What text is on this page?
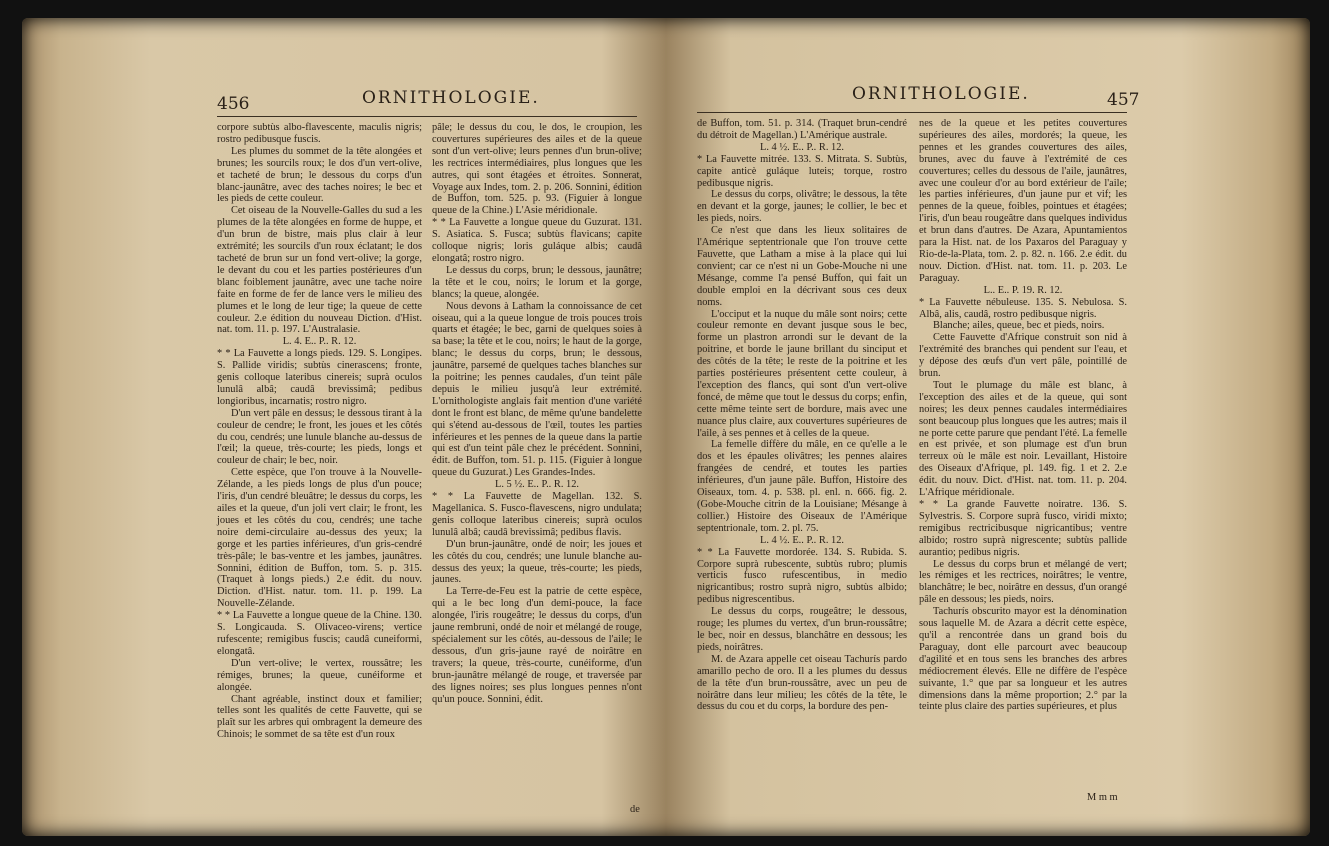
456	ORNITHOLOGIE.

corpore subtùs albo-flavescente, maculis nigris; rostro pedibusque fuscis.

Les plumes du sommet de la tête alongées et brunes; les sourcils roux; le dos d'un vert-olive, et tacheté de brun; le dessous du corps d'un blanc-jaunâtre, avec des taches noires; le bec et les pieds de cette couleur.

Cet oiseau de la Nouvelle-Galles du sud a les plumes de la tête alongées en forme de huppe, et d'un brun de bistre, mais plus clair à leur extrémité; les sourcils d'un roux éclatant; le dos tacheté de brun sur un fond vert-olive; la gorge, le devant du cou et les parties postérieures d'un blanc foiblement jaunâtre, avec une tache noire faite en forme de fer de lance vers le milieu des plumes et le long de leur tige; la queue de cette couleur. 2.e édition du nouveau Diction. d'Hist. nat. tom. 11. p. 197. L'Australasie.

L. 4. E.. P.. R. 12.

* * La Fauvette a longs pieds. 129. S. Longipes. S. Pallide viridis; subtùs cinerascens; fronte, genis colloque lateribus cinereis; suprà oculos lunulâ albâ; caudâ brevissimâ; pedibus longioribus, incarnatis; rostro nigro.

D'un vert pâle en dessus; le dessous tirant à la couleur de cendre; le front, les joues et les côtés du cou, cendrés; une lunule blanche au-dessus de l'œil; la queue, très-courte; les pieds, longs et couleur de chair; le bec, noir.

Cette espèce, que l'on trouve à la Nouvelle-Zélande, a les pieds longs de plus d'un pouce; l'iris, d'un cendré bleuâtre; le dessus du corps, les ailes et la queue, d'un joli vert clair; le front, les joues et les côtés du cou, cendrés; une tache noire demi-circulaire au-dessus des yeux; la gorge et les parties inférieures, d'un gris-cendré très-pâle; le bas-ventre et les jambes, jaunâtres. Sonnini, édition de Buffon, tom. 5. p. 315. (Traquet à longs pieds.) 2.e édit. du nouv. Diction. d'Hist. natur. tom. 11. p. 199. La Nouvelle-Zélande.

* * La Fauvette a longue queue de la Chine. 130. S. Longicauda. S. Olivaceo-virens; vertice rufescente; remigibus fuscis; caudâ cuneiformi, elongatâ.

D'un vert-olive; le vertex, roussâtre; les rémiges, brunes; la queue, cunéiforme et alongée.

Chant agréable, instinct doux et familier; telles sont les qualités de cette Fauvette, qui se plaît sur les arbres qui ombragent la demeure des Chinois; le sommet de sa tête est d'un roux

pâle; le dessus du cou, le dos, le croupion, les couvertures supérieures des ailes et de la queue sont d'un vert-olive; leurs pennes d'un brun-olive; les rectrices intermédiaires, plus longues que les autres, qui sont étagées et étroites. Sonnerat, Voyage aux Indes, tom. 2. p. 206. Sonnini, édition de Buffon, tom. 525. p. 93. (Figuier à longue queue de la Chine.) L'Asie méridionale.

* * La Fauvette a longue queue du Guzurat. 131. S. Asiatica. S. Fusca; subtùs flavicans; capite colloque nigris; loris guláque albis; caudâ elongatâ; rostro nigro.

Le dessus du corps, brun; le dessous, jaunâtre; la tête et le cou, noirs; le lorum et la gorge, blancs; la queue, alongée.

Nous devons à Latham la connoissance de cet oiseau, qui a la queue longue de trois pouces trois quarts et étagée; le bec, garni de quelques soies à sa base; la tête et le cou, noirs; le haut de la gorge, blanc; le dessus du corps, brun; le dessous, jaunâtre, parsemé de quelques taches blanches sur la poitrine; les pennes caudales, d'un teint pâle depuis le milieu jusqu'à leur extrémité. L'ornithologiste anglais fait mention d'une variété dont le front est blanc, de même qu'une bandelette qui s'étend au-dessous de l'œil, toutes les parties inférieures et les pennes de la queue dans la partie qui est d'un teint pâle chez le précédent. Sonnini, édit. de Buffon, tom. 51. p. 115. (Figuier à longue queue du Guzurat.) Les Grandes-Indes.

L. 5 ½. E.. P.. R. 12.

* * La Fauvette de Magellan. 132. S. Magellanica. S. Fusco-flavescens, nigro undulata; genis colloque lateribus cinereis; suprà oculos lunulâ albâ; caudâ brevissimâ; pedibus flavis.

D'un brun-jaunâtre, ondé de noir; les joues et les côtés du cou, cendrés; une lunule blanche au-dessus des yeux; la queue, très-courte; les pieds, jaunes.

La Terre-de-Feu est la patrie de cette espèce, qui a le bec long d'un demi-pouce, la face alongée, l'iris rougeâtre; le dessus du corps, d'un jaune rembruni, ondé de noir et mélangé de rouge, spécialement sur les côtés, au-dessous de l'aile; le dessous, d'un gris-jaune rayé de noirâtre en travers; la queue, très-courte, cunéiforme, d'un brun-jaunâtre mélangé de rouge, et traversée par des lignes noires; ses plus longues pennes n'ont qu'un pouce. Sonnini, édit.

de
ORNITHOLOGIE.	457

de Buffon, tom. 51. p. 314. (Traquet brun-cendré du détroit de Magellan.) L'Amérique australe.

L. 4 ½. E.. P.. R. 12.

* La Fauvette mitrée. 133. S. Mitrata. S. Subtùs, capite anticè guláque luteis; torque, rostro pedibusque nigris.

Le dessus du corps, olivâtre; le dessous, la tête en devant et la gorge, jaunes; le collier, le bec et les pieds, noirs.

Ce n'est que dans les lieux solitaires de l'Amérique septentrionale que l'on trouve cette Fauvette, que Latham a mise à la place qui lui convient; car ce n'est ni un Gobe-Mouche ni une Mésange, comme l'a pensé Buffon, qui fait un double emploi en la décrivant sous ces deux noms.

L'occiput et la nuque du mâle sont noirs; cette couleur remonte en devant jusque sous le bec, forme un plastron arrondi sur le devant de la poitrine, et borde le jaune brillant du sinciput et des côtés de la tête; le reste de la poitrine et les parties postérieures présentent cette couleur, à l'exception des flancs, qui sont d'un vert-olive foncé, de même que tout le dessus du corps; enfin, cette même teinte sert de bordure, mais avec une nuance plus claire, aux couvertures supérieures de l'aile, à ses pennes et à celles de la queue.

La femelle diffère du mâle, en ce qu'elle a le dos et les épaules olivâtres; les pennes alaires frangées de cendré, et toutes les parties inférieures, d'un jaune pâle. Buffon, Histoire des Oiseaux, tom. 4. p. 538. pl. enl. n. 666. fig. 2. (Gobe-Mouche citrin de la Louisiane; Mésange à collier.) Histoire des Oiseaux de l'Amérique septentrionale, tom. 2. pl. 75.

L. 4 ½. E.. P.. R. 12.

* * La Fauvette mordorée. 134. S. Rubida. S. Corpore suprà rubescente, subtùs rubro; plumis verticis fusco rufescentibus, in medio nigricantibus; rostro suprà nigro, subtùs albido; pedibus nigrescentibus.

Le dessus du corps, rougeâtre; le dessous, rouge; les plumes du vertex, d'un brun-roussâtre; le bec, noir en dessus, blanchâtre en dessous; les pieds, noirâtres.

M. de Azara appelle cet oiseau Tachurís pardo amarillo pecho de oro. Il a les plumes du dessus de la tête d'un brun-roussâtre, avec un peu de noirâtre dans leur milieu; les côtés de la tête, le dessus du cou et du corps, la bordure des pen-

nes de la queue et les petites couvertures supérieures des ailes, mordorés; la queue, les pennes et les grandes couvertures des ailes, brunes, avec du fauve à l'extrémité de ces couvertures; celles du dessous de l'aile, jaunâtres, avec une couleur d'or au bord extérieur de l'aile; les parties inférieures, d'un jaune pur et vif; les pennes de la queue, foibles, pointues et étagées; l'iris, d'un beau rougeâtre dans quelques individus et brun dans d'autres. De Azara, Apuntamientos para la Hist. nat. de los Paxaros del Paraguay y Rio-de-la-Plata, tom. 2. p. 82. n. 166. 2.e édit. du nouv. Diction. d'Hist. nat. tom. 11. p. 203. Le Paraguay.

L.. E.. P. 19. R. 12.

* La Fauvette nébuleuse. 135. S. Nebulosa. S. Albâ, alis, caudâ, rostro pedibusque nigris.

Blanche; ailes, queue, bec et pieds, noirs.

Cette Fauvette d'Afrique construit son nid à l'extrémité des branches qui pendent sur l'eau, et y dépose des œufs d'un vert pâle, pointillé de brun.

Tout le plumage du mâle est blanc, à l'exception des ailes et de la queue, qui sont noires; les deux pennes caudales intermédiaires sont beaucoup plus longues que les autres; mais il ne porte cette parure que pendant l'été. La femelle en est privée, et son plumage est d'un brun terreux où le mâle est noir. Levaillant, Histoire des Oiseaux d'Afrique, pl. 149. fig. 1 et 2. 2.e édit. du nouv. Dict. d'Hist. nat. tom. 11. p. 204. L'Afrique méridionale.

* * La grande Fauvette noiratre. 136. S. Sylvestris. S. Corpore suprà fusco, viridi mixto; remigibus rectricibusque nigricantibus; ventre albido; rostro suprà nigrescente; subtùs pallide aurantio; pedibus nigris.

Le dessus du corps brun et mélangé de vert; les rémiges et les rectrices, noirâtres; le ventre, blanchâtre; le bec, noirâtre en dessus, d'un orangé pâle en dessous; les pieds, noirs.

Tachurís obscurito mayor est la dénomination sous laquelle M. de Azara a décrit cette espèce, qu'il a rencontrée dans un grand bois du Paraguay, dont elle parcourt avec beaucoup d'agilité et en tous sens les branches des arbres médiocrement élevés. Elle ne diffère de l'espèce suivante, 1.° que par sa longueur et les autres dimensions dans la même proportion; 2.° par la teinte plus claire des parties supérieures, et plus

M m m
